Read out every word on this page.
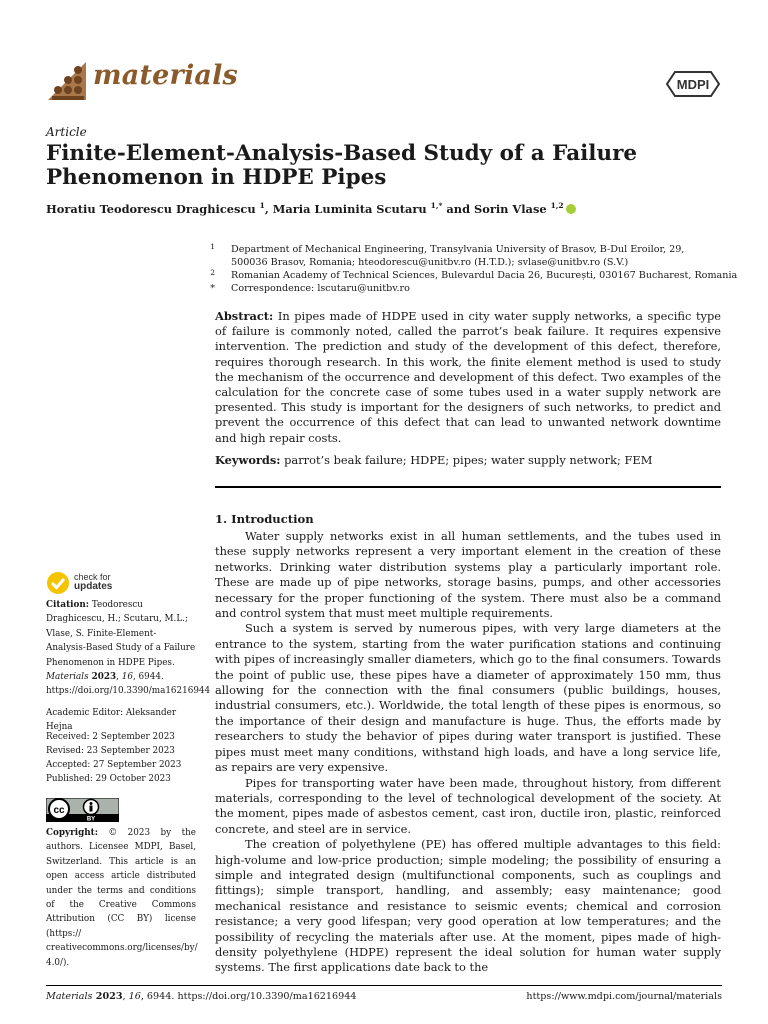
materials	MDPI
Article
Finite-Element-Analysis-Based Study of a Failure Phenomenon in HDPE Pipes
Horatiu Teodorescu Draghicescu $^1$, Maria Luminita Scutaru $^{1,*}$ and Sorin Vlase $^{1,2}$
1 Department of Mechanical Engineering, Transylvania University of Brasov, B-Dul Eroilor, 29,
500036 Brasov, Romania; hteodorescu@unitbv.ro (H.T.D.); svlase@unitbv.ro (S.V.)
2 Romanian Academy of Technical Sciences, Bulevardul Dacia 26, București, 030167 Bucharest, Romania
* Correspondence: lscutaru@unitbv.ro
Abstract: In pipes made of HDPE used in city water supply networks, a specific type of failure is commonly noted, called the parrot’s beak failure. It requires expensive intervention. The prediction and study of the development of this defect, therefore, requires thorough research. In this work, the finite element method is used to study the mechanism of the occurrence and development of this defect. Two examples of the calculation for the concrete case of some tubes used in a water supply network are presented. This study is important for the designers of such networks, to predict and prevent the occurrence of this defect that can lead to unwanted network downtime and high repair costs.
Keywords: parrot’s beak failure; HDPE; pipes; water supply network; FEM
1. Introduction

Water supply networks exist in all human settlements, and the tubes used in these supply networks represent a very important element in the creation of these networks. Drinking water distribution systems play a particularly important role. These are made up of pipe networks, storage basins, pumps, and other accessories necessary for the proper functioning of the system. There must also be a command and control system that must meet multiple requirements.

Such a system is served by numerous pipes, with very large diameters at the entrance to the system, starting from the water purification stations and continuing with pipes of increasingly smaller diameters, which go to the final consumers. Towards the point of public use, these pipes have a diameter of approximately 150 mm, thus allowing for the connection with the final consumers (public buildings, houses, industrial consumers, etc.). Worldwide, the total length of these pipes is enormous, so the importance of their design and manufacture is huge. Thus, the efforts made by researchers to study the behavior of pipes during water transport is justified. These pipes must meet many conditions, withstand high loads, and have a long service life, as repairs are very expensive.

Pipes for transporting water have been made, throughout history, from different materials, corresponding to the level of technological development of the society. At the moment, pipes made of asbestos cement, cast iron, ductile iron, plastic, reinforced concrete, and steel are in service.

The creation of polyethylene (PE) has offered multiple advantages to this field: high-volume and low-price production; simple modeling; the possibility of ensuring a simple and integrated design (multifunctional components, such as couplings and fittings); simple transport, handling, and assembly; easy maintenance; good mechanical resistance and resistance to seismic events; chemical and corrosion resistance; a very good lifespan; very good operation at low temperatures; and the possibility of recycling the materials after use. At the moment, pipes made of high-density polyethylene (HDPE) represent the ideal solution for human water supply systems. The first applications date back to the

check for
updates
Citation: Teodorescu Draghicescu, H.; Scutaru, M.L.; Vlase, S. Finite-Element-Analysis-Based Study of a Failure Phenomenon in HDPE Pipes. Materials 2023, 16, 6944. https://doi.org/10.3390/ma16216944
Academic Editor: Aleksander Hejna
Received: 2 September 2023
Revised: 23 September 2023
Accepted: 27 September 2023
Published: 29 October 2023
cc
BY
Copyright: © 2023 by the authors. Licensee MDPI, Basel, Switzerland. This article is an open access article distributed under the terms and conditions of the Creative Commons Attribution (CC BY) license (https:// creativecommons.org/licenses/by/ 4.0/).
Materials 2023, 16, 6944. https://doi.org/10.3390/ma16216944	https://www.mdpi.com/journal/materials
